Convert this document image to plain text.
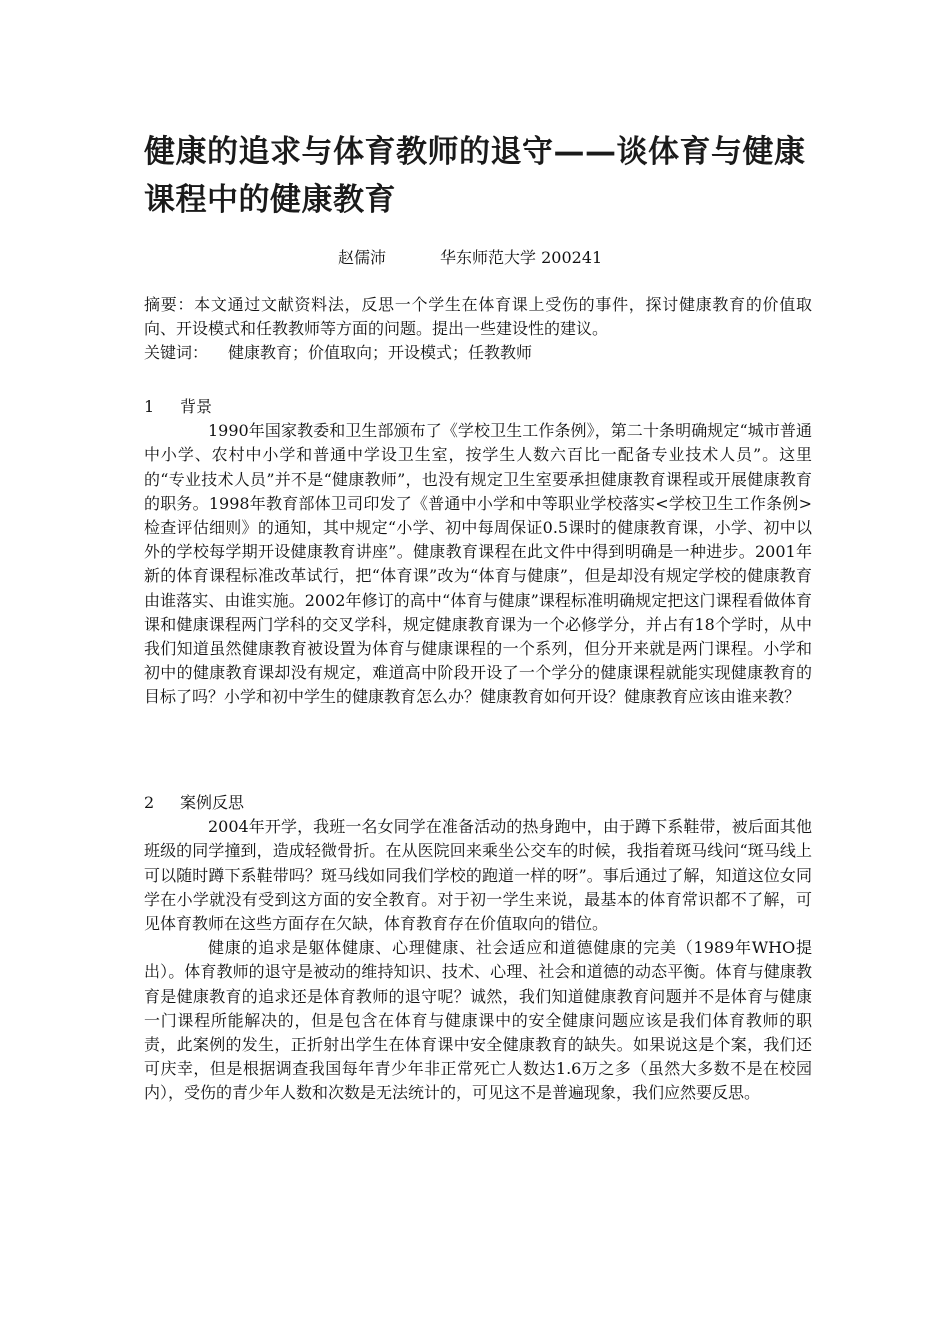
健康的追求与体育教师的退守——谈体育与健康课程中的健康教育
赵儒沛	华东师范大学 200241

摘要：本文通过文献资料法，反思一个学生在体育课上受伤的事件，探讨健康教育的价值取向、开设模式和任教教师等方面的问题。提出一些建设性的建议。

关键词： 健康教育；价值取向；开设模式；任教教师

1 背景

1990年国家教委和卫生部颁布了《学校卫生工作条例》，第二十条明确规定“城市普通中小学、农村中小学和普通中学设卫生室，按学生人数六百比一配备专业技术人员”。这里的“专业技术人员”并不是“健康教师”，也没有规定卫生室要承担健康教育课程或开展健康教育的职务。1998年教育部体卫司印发了《普通中小学和中等职业学校落实<学校卫生工作条例>检查评估细则》的通知，其中规定“小学、初中每周保证0.5课时的健康教育课，小学、初中以外的学校每学期开设健康教育讲座”。健康教育课程在此文件中得到明确是一种进步。2001年新的体育课程标准改革试行，把“体育课”改为“体育与健康”，但是却没有规定学校的健康教育由谁落实、由谁实施。2002年修订的高中“体育与健康”课程标准明确规定把这门课程看做体育课和健康课程两门学科的交叉学科，规定健康教育课为一个必修学分，并占有18个学时，从中我们知道虽然健康教育被设置为体育与健康课程的一个系列，但分开来就是两门课程。小学和初中的健康教育课却没有规定，难道高中阶段开设了一个学分的健康课程就能实现健康教育的目标了吗？小学和初中学生的健康教育怎么办？健康教育如何开设？健康教育应该由谁来教？

2 案例反思

2004年开学，我班一名女同学在准备活动的热身跑中，由于蹲下系鞋带，被后面其他班级的同学撞到，造成轻微骨折。在从医院回来乘坐公交车的时候，我指着斑马线问“斑马线上可以随时蹲下系鞋带吗？斑马线如同我们学校的跑道一样的呀”。事后通过了解，知道这位女同学在小学就没有受到这方面的安全教育。对于初一学生来说，最基本的体育常识都不了解，可见体育教师在这些方面存在欠缺，体育教育存在价值取向的错位。

健康的追求是躯体健康、心理健康、社会适应和道德健康的完美（1989年WHO提出）。体育教师的退守是被动的维持知识、技术、心理、社会和道德的动态平衡。体育与健康教育是健康教育的追求还是体育教师的退守呢？诚然，我们知道健康教育问题并不是体育与健康一门课程所能解决的，但是包含在体育与健康课中的安全健康问题应该是我们体育教师的职责，此案例的发生，正折射出学生在体育课中安全健康教育的缺失。如果说这是个案，我们还可庆幸，但是根据调查我国每年青少年非正常死亡人数达1.6万之多（虽然大多数不是在校园内），受伤的青少年人数和次数是无法统计的，可见这不是普遍现象，我们应然要反思。
